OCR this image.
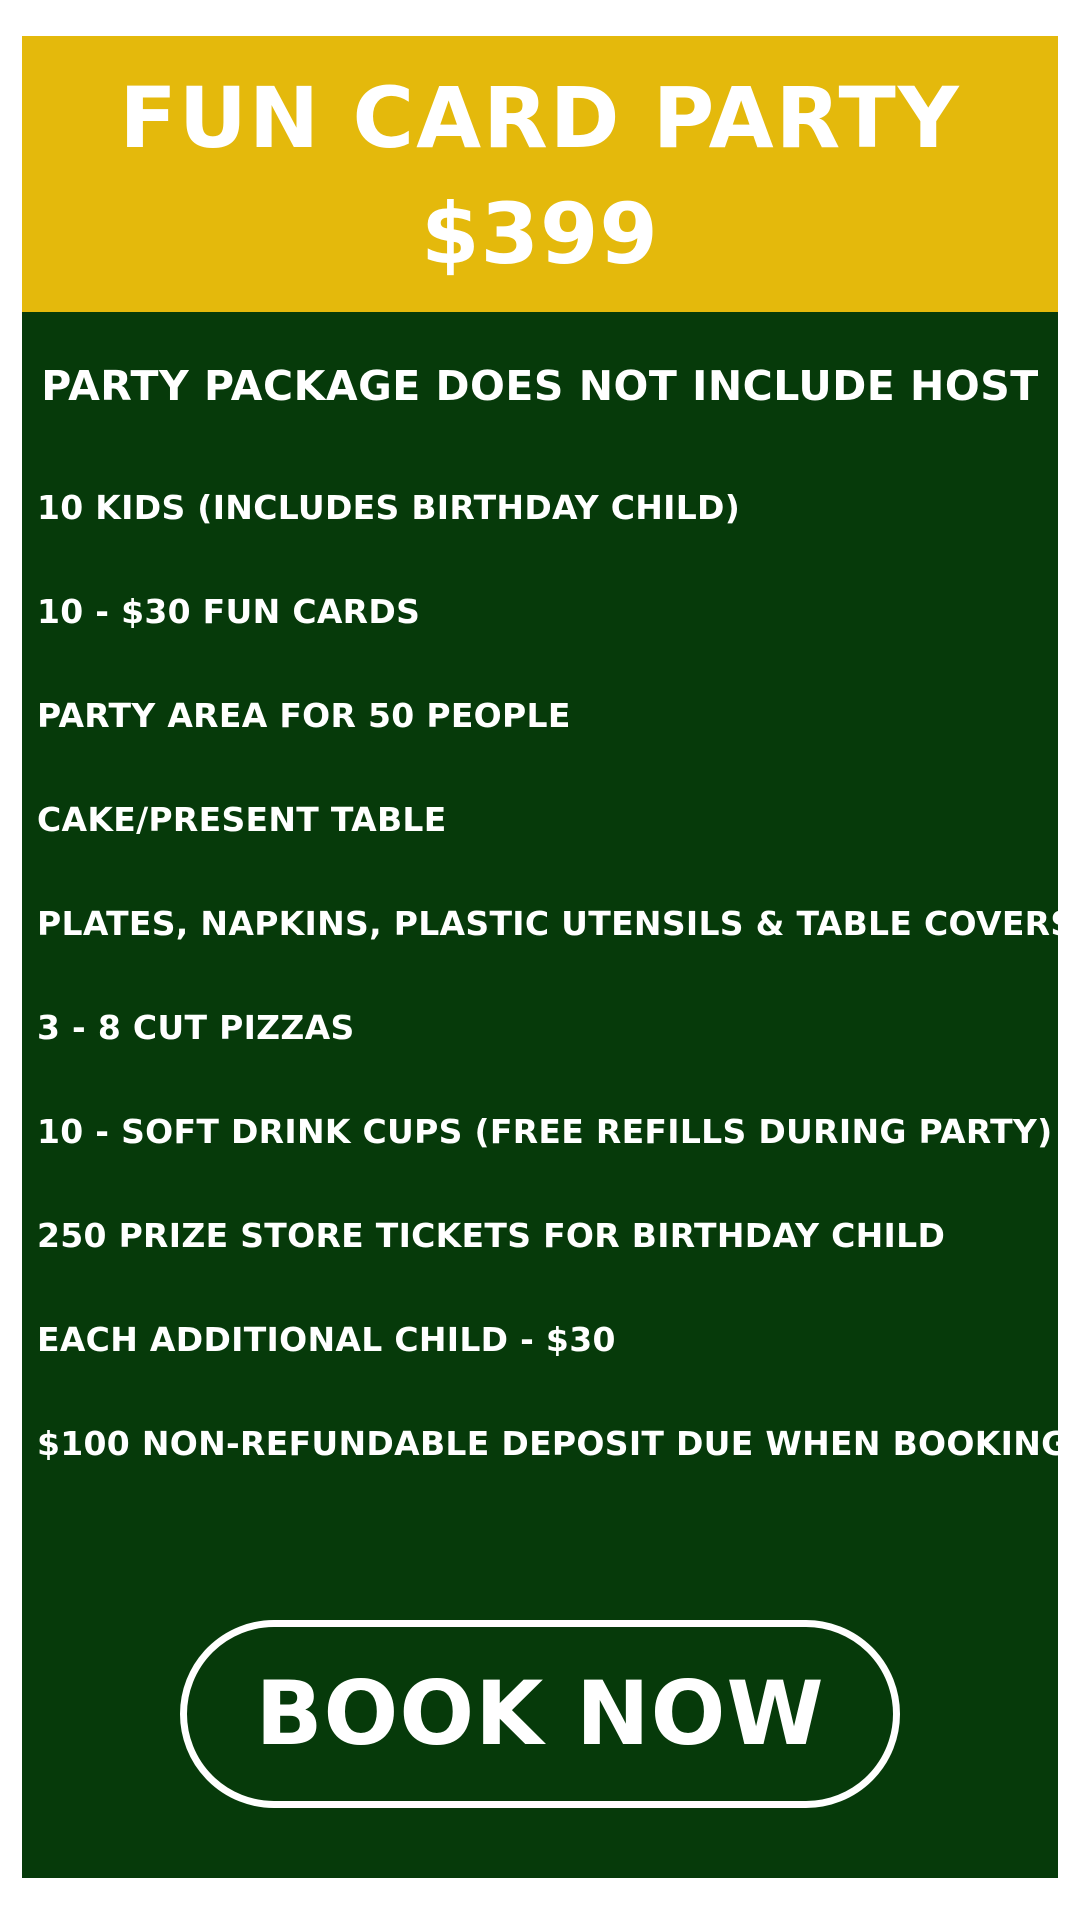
FUN CARD PARTY
$399
PARTY PACKAGE DOES NOT INCLUDE HOST
10 KIDS (INCLUDES BIRTHDAY CHILD)
10 - $30 FUN CARDS
PARTY AREA FOR 50 PEOPLE
CAKE/PRESENT TABLE
PLATES, NAPKINS, PLASTIC UTENSILS & TABLE COVERS
3 - 8 CUT PIZZAS
10 - SOFT DRINK CUPS (FREE REFILLS DURING PARTY)
250 PRIZE STORE TICKETS FOR BIRTHDAY CHILD
EACH ADDITIONAL CHILD - $30
$100 NON-REFUNDABLE DEPOSIT DUE WHEN BOOKING
BOOK NOW
